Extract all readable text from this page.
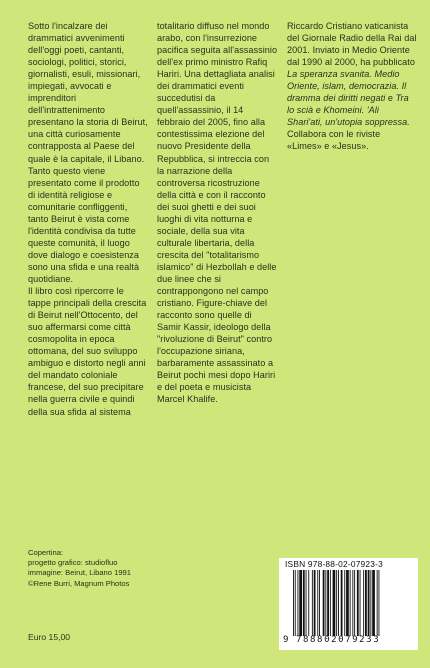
Sotto l'incalzare dei drammatici avvenimenti dell'oggi poeti, cantanti, sociologi, politici, storici, giornalisti, esuli, missionari, impiegati, avvocati e imprenditori dell'intrattenimento presentano la storia di Beirut, una città curiosamente contrapposta al Paese del quale è la capitale, il Libano. Tanto questo viene presentato come il prodotto di identità religiose e comunitarie confliggenti, tanto Beirut è vista come l'identità condivisa da tutte queste comunità, il luogo dove dialogo e coesistenza sono una sfida e una realtà quotidiane.

Il libro così ripercorre le tappe principali della crescita di Beirut nell'Ottocento, del suo affermarsi come città cosmopolita in epoca ottomana, del suo sviluppo ambiguo e distorto negli anni del mandato coloniale francese, del suo precipitare nella guerra civile e quindi della sua sfida al sistema

totalitario diffuso nel mondo arabo, con l'insurrezione pacifica seguita all'assassinio dell'ex primo ministro Rafiq Hariri. Una dettagliata analisi dei drammatici eventi succedutisi da quell'assassinio, il 14 febbraio del 2005, fino alla contestissima elezione del nuovo Presidente della Repubblica, si intreccia con la narrazione della controversa ricostruzione della città e con il racconto dei suoi ghetti e dei suoi luoghi di vita notturna e sociale, della sua vita culturale libertaria, della crescita del "totalitarismo islamico" di Hezbollah e delle due linee che si contrappongono nel campo cristiano. Figure-chiave del racconto sono quelle di Samir Kassir, ideologo della "rivoluzione di Beirut" contro l'occupazione siriana, barbaramente assassinato a Beirut pochi mesi dopo Hariri e del poeta e musicista Marcel Khalife.

Riccardo Cristiano vaticanista del Giornale Radio della Rai dal 2001. Inviato in Medio Oriente dal 1990 al 2000, ha pubblicato La speranza svanita. Medio Oriente, islam, democrazia. Il dramma dei diritti negati e Tra lo scià e Khomeini. 'Ali Shari'ati, un'utopia soppressa. Collabora con le riviste «Limes» e «Jesus».

Copertina:

progetto grafico: studiofluo

immagine: Beirut, Libano 1991

©Rene Burri, Magnum Photos

Euro 15,00
ISBN 978-88-02-07923-3
9 788802079233
